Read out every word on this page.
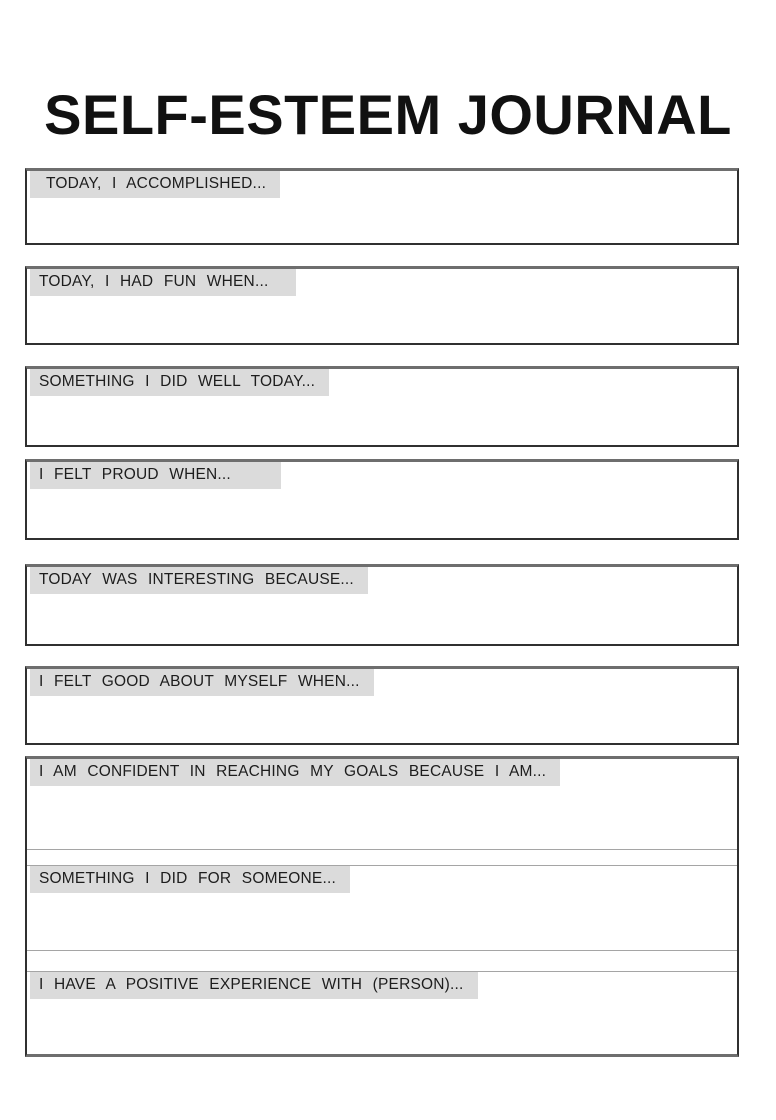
SELF-ESTEEM JOURNAL
TODAY, I ACCOMPLISHED...
TODAY, I HAD FUN WHEN...
SOMETHING I DID WELL TODAY...
I FELT PROUD WHEN...
TODAY WAS INTERESTING BECAUSE...
I FELT GOOD ABOUT MYSELF WHEN...
I AM CONFIDENT IN REACHING MY GOALS BECAUSE I AM...
SOMETHING I DID FOR SOMEONE...
I HAVE A POSITIVE EXPERIENCE WITH (PERSON)...
